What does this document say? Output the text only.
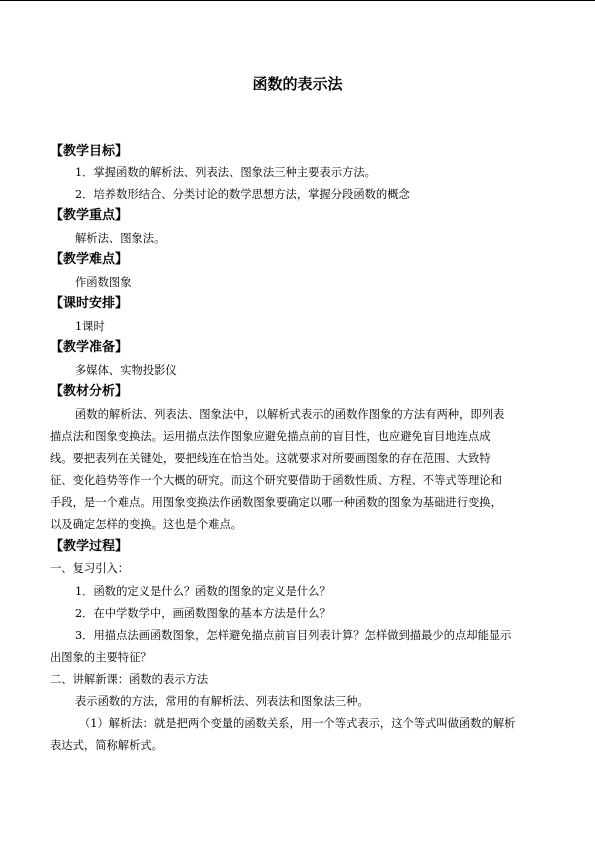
函数的表示法
【教学目标】
1．掌握函数的解析法、列表法、图象法三种主要表示方法。
2．培养数形结合、分类讨论的数学思想方法，掌握分段函数的概念
【教学重点】
解析法、图象法。
【教学难点】
作函数图象
【课时安排】
1课时
【教学准备】
多媒体、实物投影仪
【教材分析】
函数的解析法、列表法、图象法中，以解析式表示的函数作图象的方法有两种，即列表
描点法和图象变换法。运用描点法作图象应避免描点前的盲目性，也应避免盲目地连点成
线。要把表列在关键处，要把线连在恰当处。这就要求对所要画图象的存在范围、大致特
征、变化趋势等作一个大概的研究。而这个研究要借助于函数性质、方程、不等式等理论和
手段，是一个难点。用图象变换法作函数图象要确定以哪一种函数的图象为基础进行变换，
以及确定怎样的变换。这也是个难点。
【教学过程】
一、复习引入：
1．函数的定义是什么？函数的图象的定义是什么？
2．在中学数学中，画函数图象的基本方法是什么？
3．用描点法画函数图象，怎样避免描点前盲目列表计算？怎样做到描最少的点却能显示
出图象的主要特征？
二、讲解新课：函数的表示方法
表示函数的方法，常用的有解析法、列表法和图象法三种。
（1）解析法：就是把两个变量的函数关系，用一个等式表示，这个等式叫做函数的解析
表达式，简称解析式。
